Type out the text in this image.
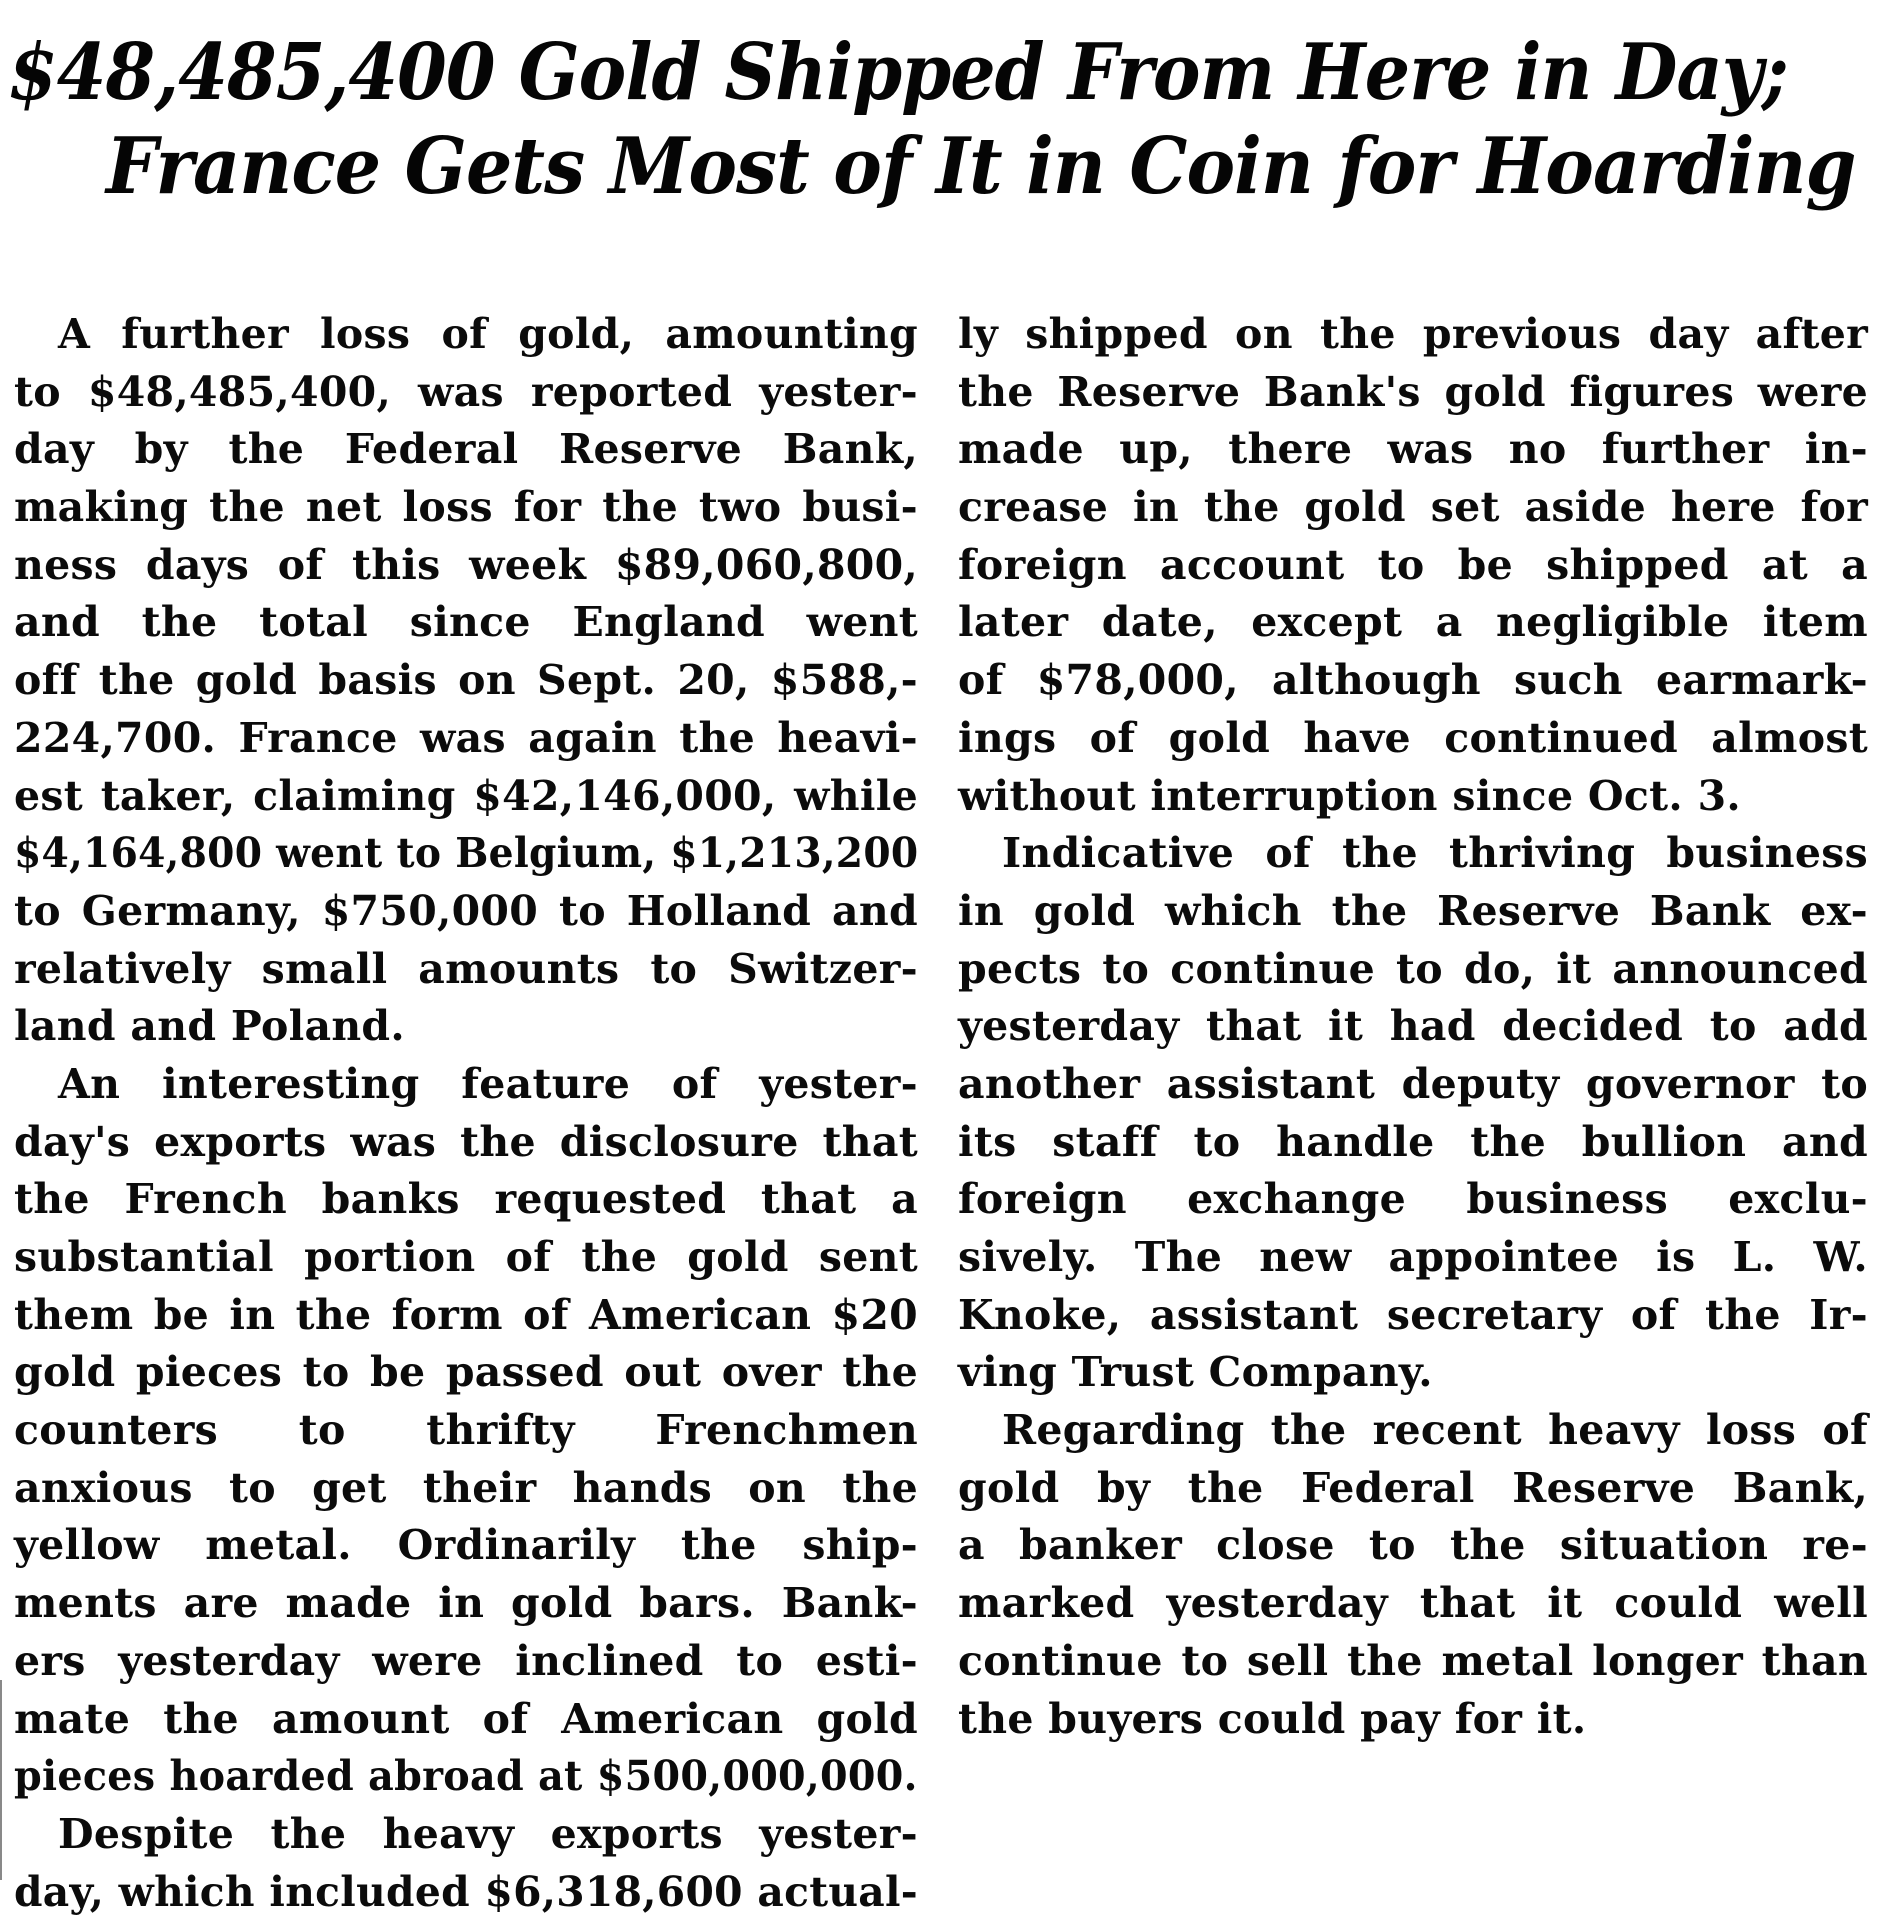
$48,485,400 Gold Shipped From Here in Day;
France Gets Most of It in Coin for Hoarding
A further loss of gold, amounting
to $48,485,400, was reported yester-
day by the Federal Reserve Bank,
making the net loss for the two busi-
ness days of this week $89,060,800,
and the total since England went
off the gold basis on Sept. 20, $588,-
224,700. France was again the heavi-
est taker, claiming $42,146,000, while
$4,164,800 went to Belgium, $1,213,200
to Germany, $750,000 to Holland and
relatively small amounts to Switzer-
land and Poland.
An interesting feature of yester-
day's exports was the disclosure that
the French banks requested that a
substantial portion of the gold sent
them be in the form of American $20
gold pieces to be passed out over the
counters to thrifty Frenchmen
anxious to get their hands on the
yellow metal. Ordinarily the ship-
ments are made in gold bars. Bank-
ers yesterday were inclined to esti-
mate the amount of American gold
pieces hoarded abroad at $500,000,000.
Despite the heavy exports yester-
day, which included $6,318,600 actual-
ly shipped on the previous day after
the Reserve Bank's gold figures were
made up, there was no further in-
crease in the gold set aside here for
foreign account to be shipped at a
later date, except a negligible item
of $78,000, although such earmark-
ings of gold have continued almost
without interruption since Oct. 3.
Indicative of the thriving business
in gold which the Reserve Bank ex-
pects to continue to do, it announced
yesterday that it had decided to add
another assistant deputy governor to
its staff to handle the bullion and
foreign exchange business exclu-
sively. The new appointee is L. W.
Knoke, assistant secretary of the Ir-
ving Trust Company.
Regarding the recent heavy loss of
gold by the Federal Reserve Bank,
a banker close to the situation re-
marked yesterday that it could well
continue to sell the metal longer than
the buyers could pay for it.
